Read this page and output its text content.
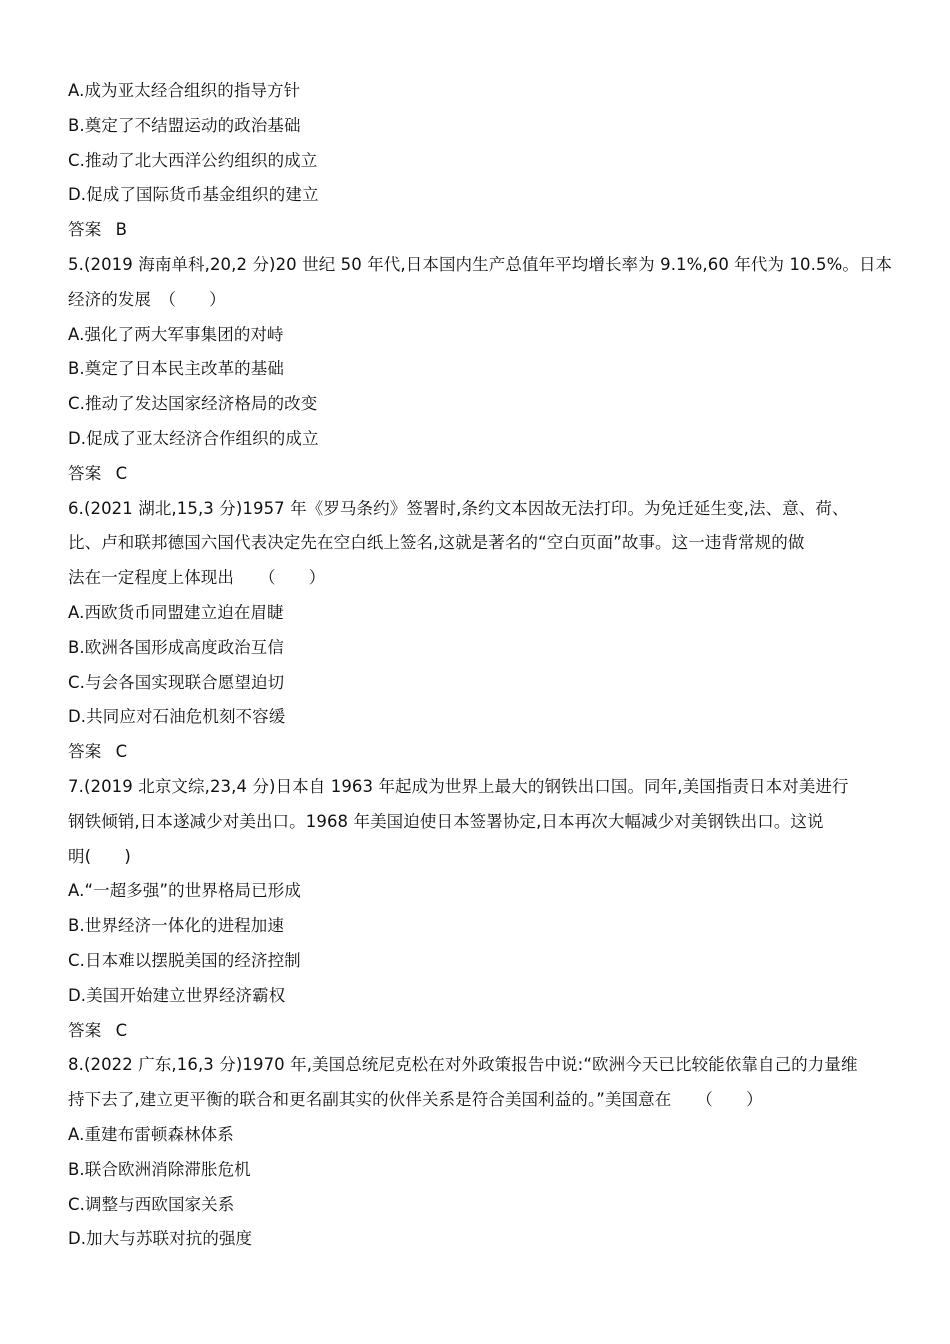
A.成为亚太经合组织的指导方针
B.奠定了不结盟运动的政治基础
C.推动了北大西洋公约组织的成立
D.促成了国际货币基金组织的建立
答案 B
5.(2019 海南单科,20,2 分)20 世纪 50 年代,日本国内生产总值年平均增长率为 9.1%,60 年代为 10.5%。日本
经济的发展　（　　）
A.强化了两大军事集团的对峙
B.奠定了日本民主改革的基础
C.推动了发达国家经济格局的改变
D.促成了亚太经济合作组织的成立
答案 C
6.(2021 湖北,15,3 分)1957 年《罗马条约》签署时,条约文本因故无法打印。为免迁延生变,法、意、荷、
比、卢和联邦德国六国代表决定先在空白纸上签名,这就是著名的“空白页面”故事。这一违背常规的做
法在一定程度上体现出　　（　　）
A.西欧货币同盟建立迫在眉睫
B.欧洲各国形成高度政治互信
C.与会各国实现联合愿望迫切
D.共同应对石油危机刻不容缓
答案 C
7.(2019 北京文综,23,4 分)日本自 1963 年起成为世界上最大的钢铁出口国。同年,美国指责日本对美进行
钢铁倾销,日本遂减少对美出口。1968 年美国迫使日本签署协定,日本再次大幅减少对美钢铁出口。这说
明(　　)
A.“一超多强”的世界格局已形成
B.世界经济一体化的进程加速
C.日本难以摆脱美国的经济控制
D.美国开始建立世界经济霸权
答案 C
8.(2022 广东,16,3 分)1970 年,美国总统尼克松在对外政策报告中说:“欧洲今天已比较能依靠自己的力量维
持下去了,建立更平衡的联合和更名副其实的伙伴关系是符合美国利益的。”美国意在　　（　　）
A.重建布雷顿森林体系
B.联合欧洲消除滞胀危机
C.调整与西欧国家关系
D.加大与苏联对抗的强度
